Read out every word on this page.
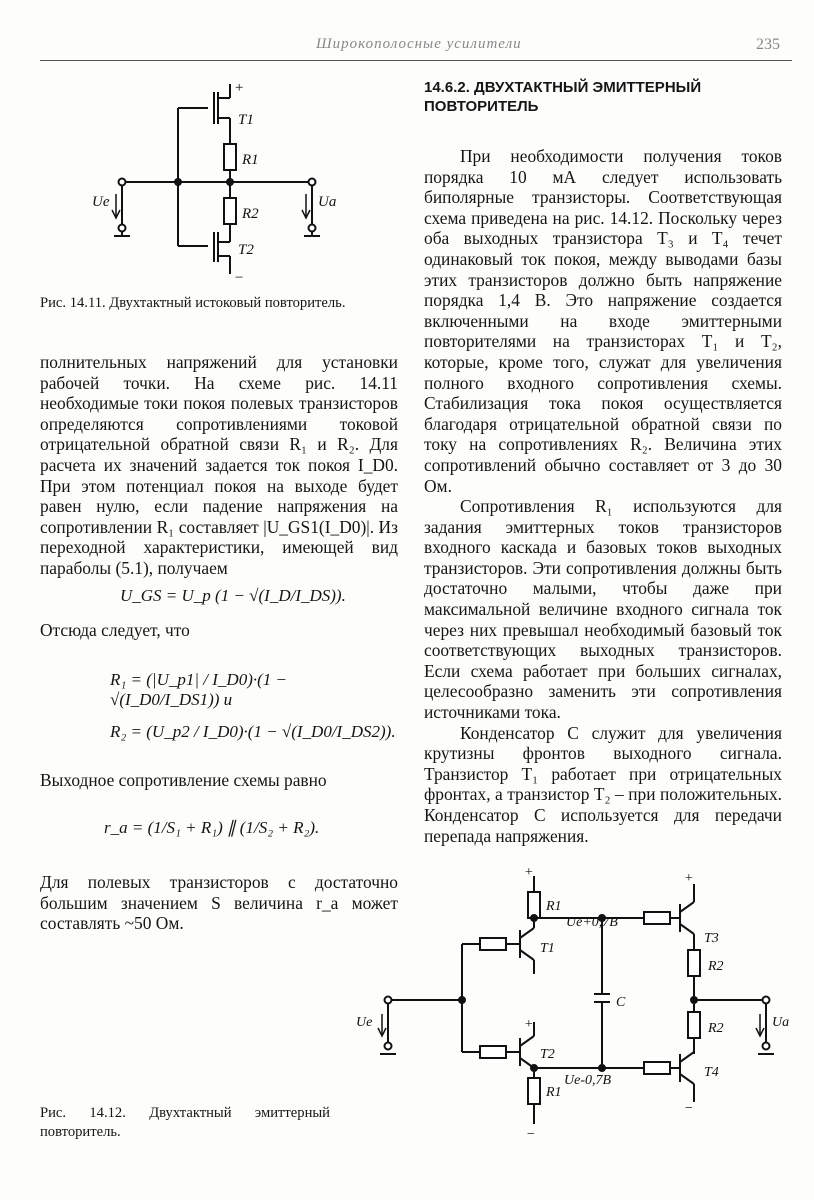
Широкополосные усилители	235
+
T1
R1
R2
T2
−
Ue	Ua
Рис. 14.11. Двухтактный истоковый повторитель.
14.6.2. ДВУХТАКТНЫЙ ЭМИТТЕРНЫЙ ПОВТОРИТЕЛЬ

полнительных напряжений для установки рабочей точки. На схеме рис. 14.11 необходимые токи покоя полевых транзисторов определяются сопротивлениями токовой отрицательной обратной связи R₁ и R₂. Для расчета их значений задается ток покоя I_D0. При этом потенциал покоя на выходе будет равен нулю, если падение напряжения на сопротивлении R₁ составляет |U_GS1(I_D0)|. Из переходной характеристики, имеющей вид параболы (5.1), получаем

U_GS = U_p (1 − √(I_D/I_DS)).

Отсюда следует, что

R₁ = (|U_p1| / I_D0)·(1 − √(I_D0/I_DS1)) и
R₂ = (U_p2 / I_D0)·(1 − √(I_D0/I_DS2)).

Выходное сопротивление схемы равно

r_a = (1/S₁ + R₁) ∥ (1/S₂ + R₂).

Для полевых транзисторов с достаточно большим значением S величина r_a может составлять ~50 Ом.

При необходимости получения токов порядка 10 мА следует использовать биполярные транзисторы. Соответствующая схема приведена на рис. 14.12. Поскольку через оба выходных транзистора T₃ и T₄ течет одинаковый ток покоя, между выводами базы этих транзисторов должно быть напряжение порядка 1,4 В. Это напряжение создается включенными на входе эмиттерными повторителями на транзисторах T₁ и T₂, которые, кроме того, служат для увеличения полного входного сопротивления схемы. Стабилизация тока покоя осуществляется благодаря отрицательной обратной связи по току на сопротивлениях R₂. Величина этих сопротивлений обычно составляет от 3 до 30 Ом.

Сопротивления R₁ используются для задания эмиттерных токов транзисторов входного каскада и базовых токов выходных транзисторов. Эти сопротивления должны быть достаточно малыми, чтобы даже при максимальной величине входного сигнала ток через них превышал необходимый базовый ток соответствующих выходных транзисторов. Если схема работает при больших сигналах, целесообразно заменить эти сопротивления источниками тока.

Конденсатор C служит для увеличения крутизны фронтов выходного сигнала. Транзистор T₁ работает при отрицательных фронтах, а транзистор T₂ – при положительных. Конденсатор C используется для передачи перепада напряжения.

+
R1
T1
Ue+0,7B
+
T2
R1
Ue-0,7B
−
C
+
T3
R2
R2
T4
−
Ue	Ua
Рис. 14.12. Двухтактный эмиттерный повторитель.
